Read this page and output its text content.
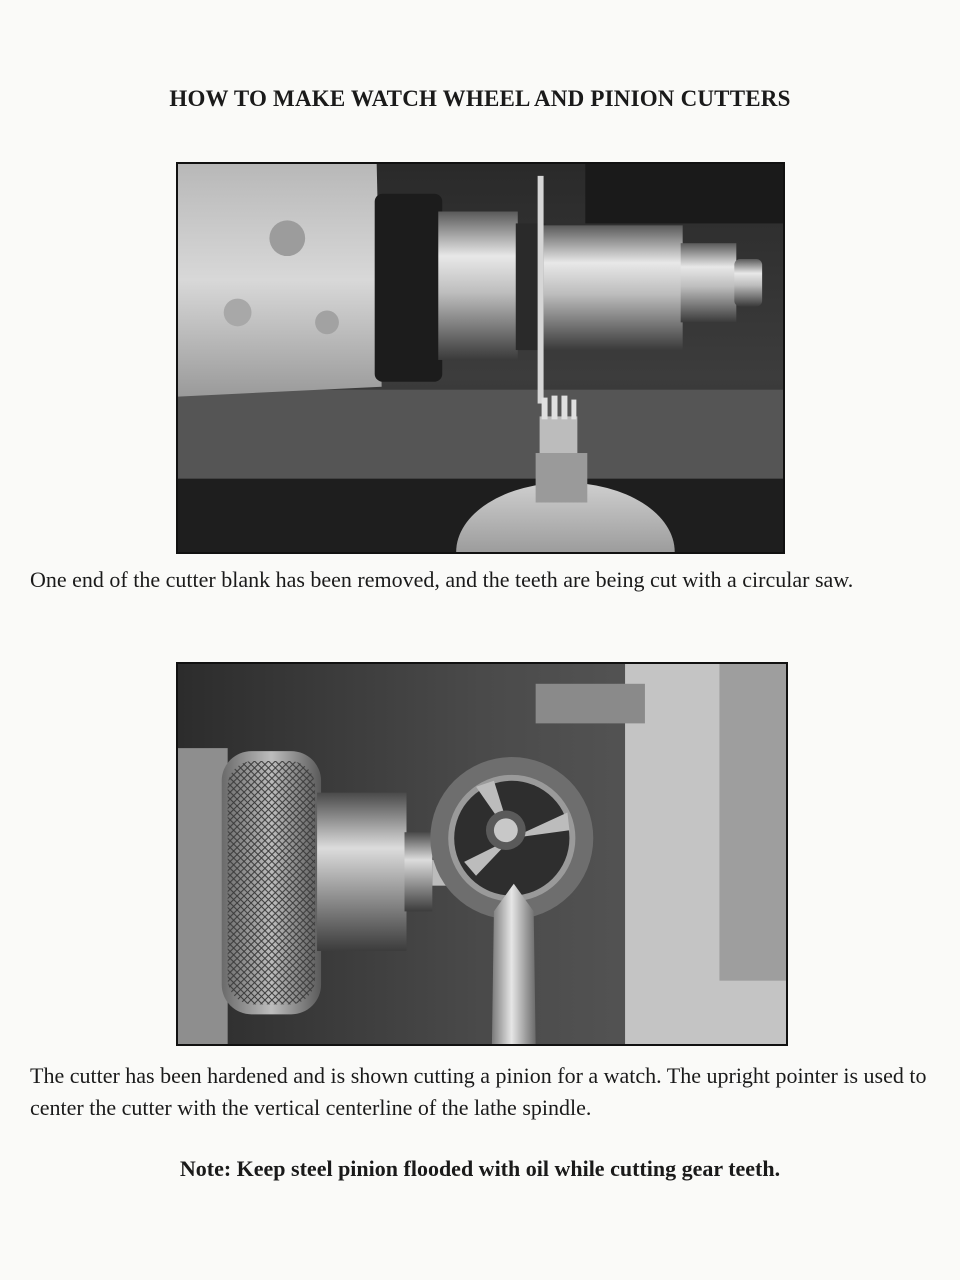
HOW TO MAKE WATCH WHEEL AND PINION CUTTERS
One end of the cutter blank has been removed, and the teeth are being cut with a circular saw.
The cutter has been hardened and is shown cutting a pinion for a watch. The upright pointer is used to center the cutter with the vertical centerline of the lathe spindle.
Note: Keep steel pinion flooded with oil while cutting gear teeth.
